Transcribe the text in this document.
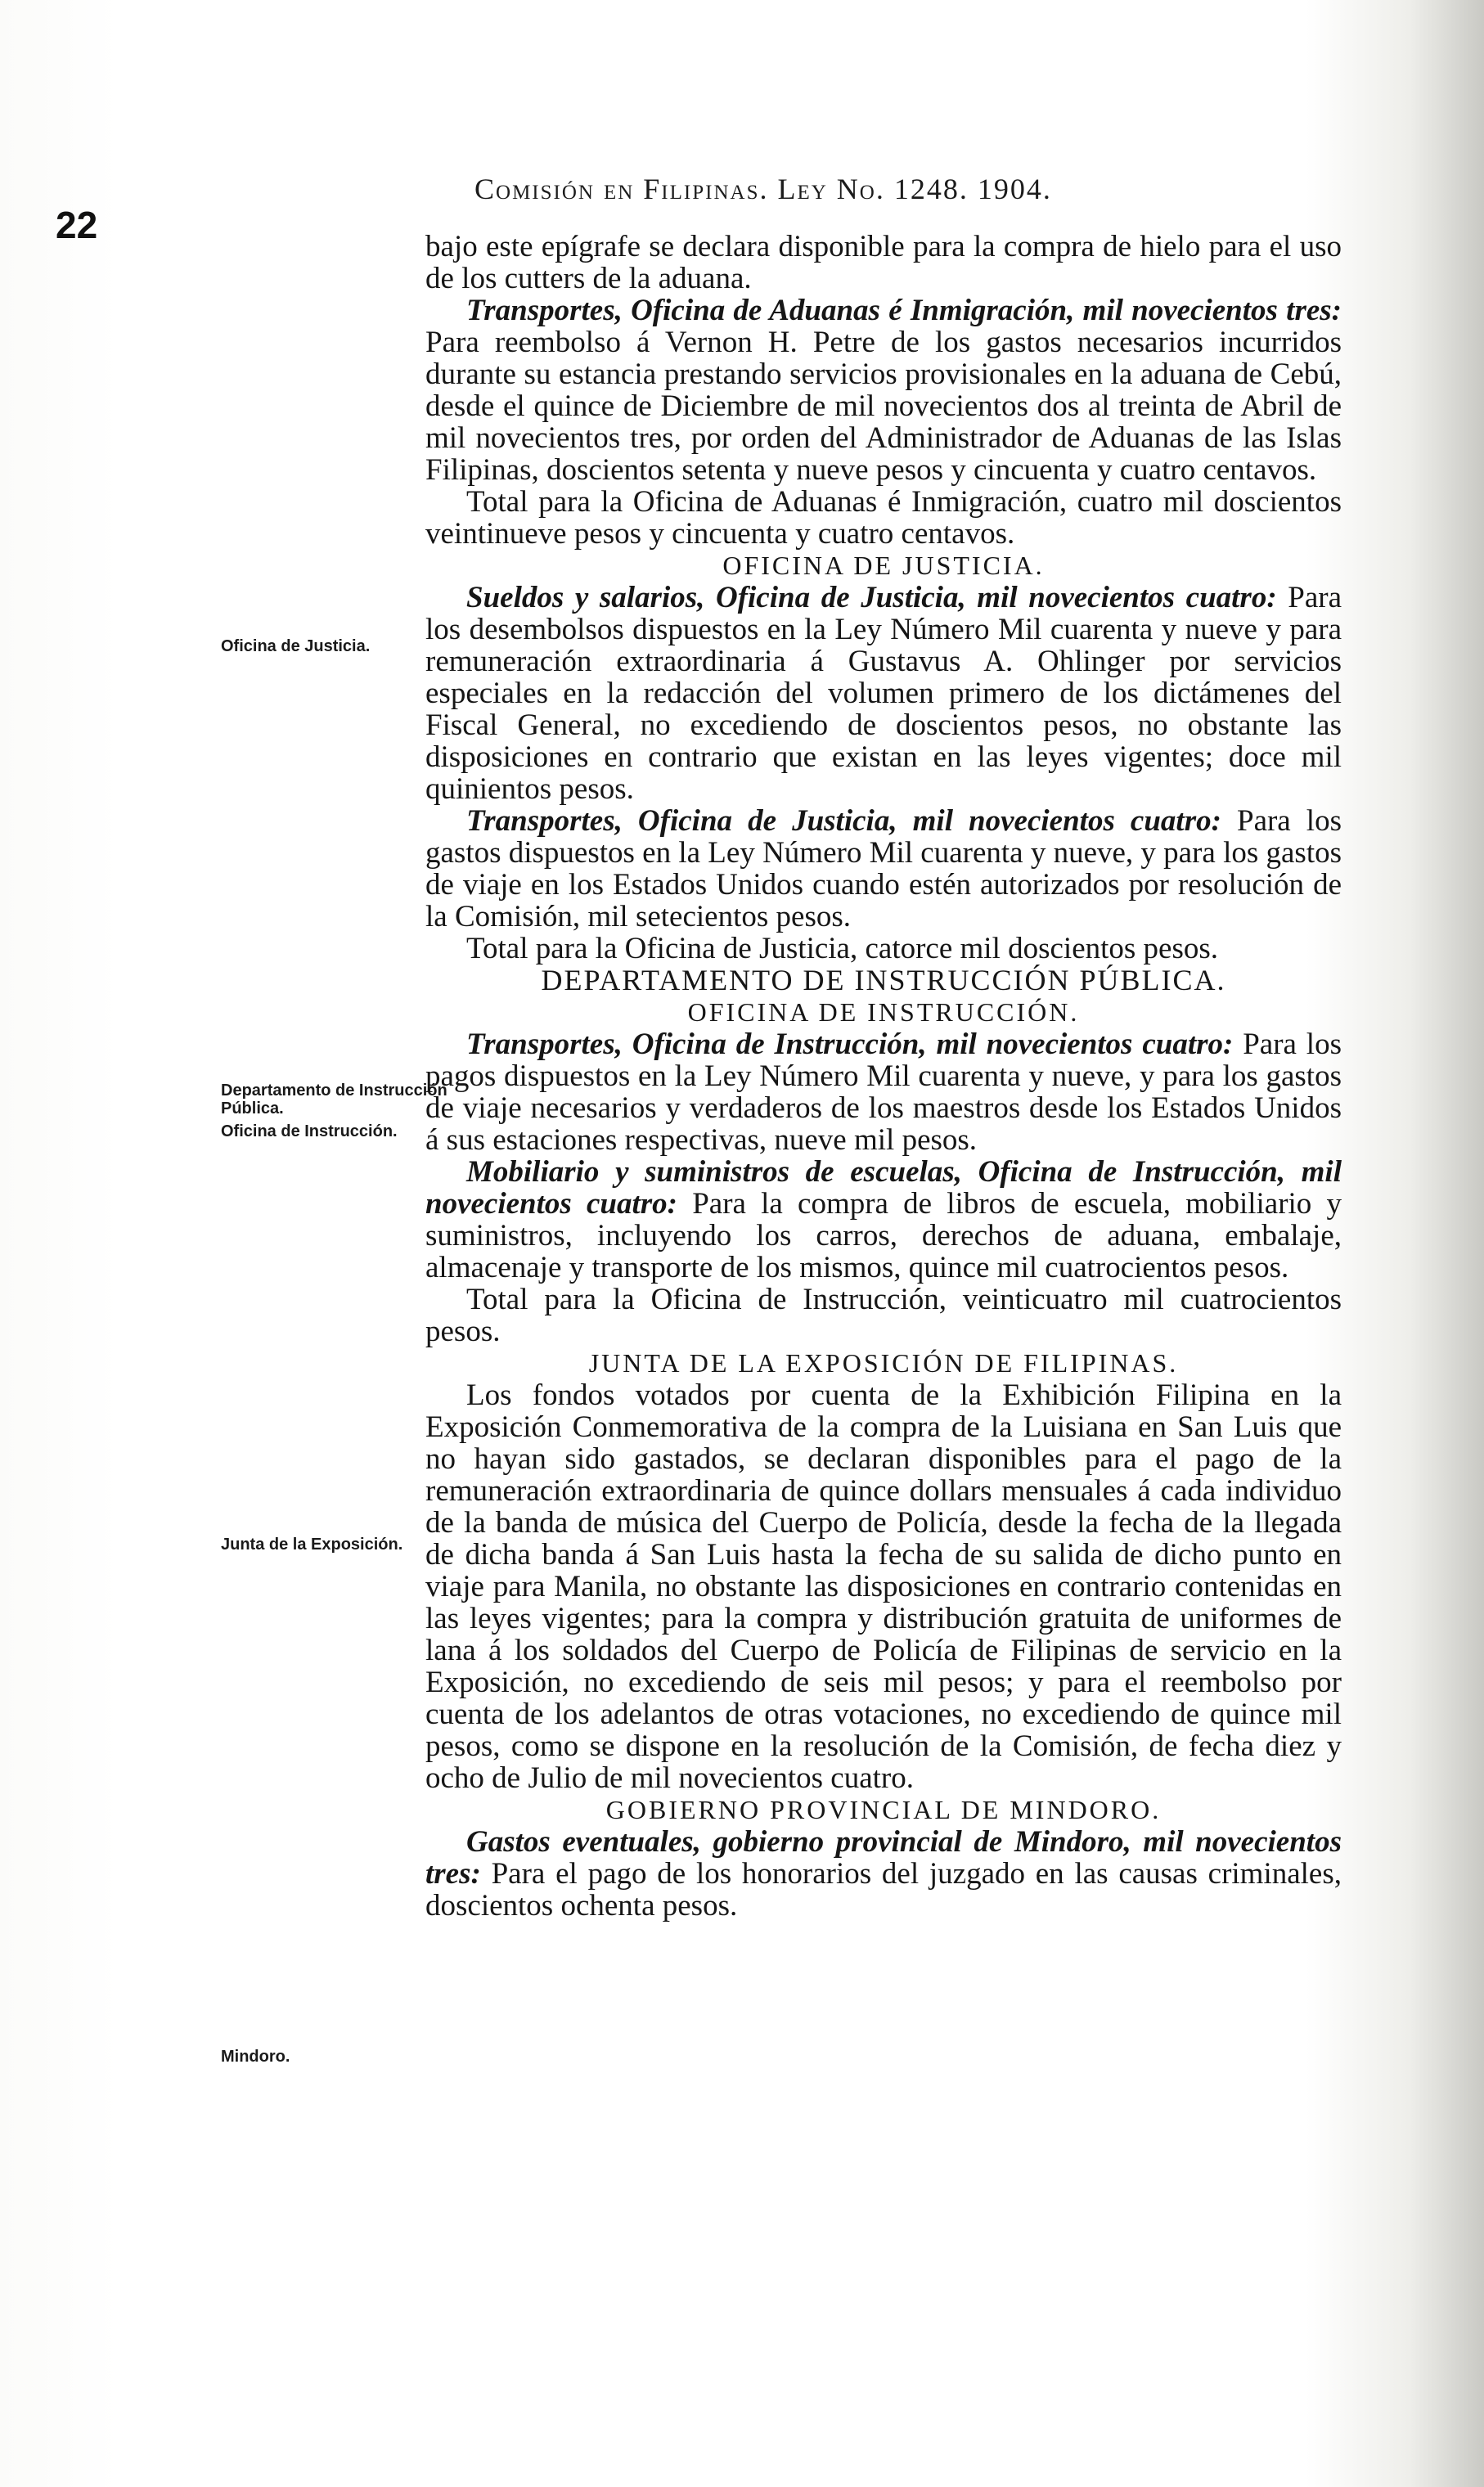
22
Comisión en Filipinas. Ley No. 1248. 1904.
Oficina de Justicia.
Departamento de Instrucción Pública.
Oficina de Instrucción.
Junta de la Exposición.
Mindoro.

bajo este epígrafe se declara disponible para la compra de hielo para el uso de los cutters de la aduana.

Transportes, Oficina de Aduanas é Inmigración, mil novecientos tres: Para reembolso á Vernon H. Petre de los gastos necesarios incurridos durante su estancia prestando servicios provisionales en la aduana de Cebú, desde el quince de Diciembre de mil novecientos dos al treinta de Abril de mil novecientos tres, por orden del Administrador de Aduanas de las Islas Filipinas, doscientos setenta y nueve pesos y cincuenta y cuatro centavos.

Total para la Oficina de Aduanas é Inmigración, cuatro mil doscientos veintinueve pesos y cincuenta y cuatro centavos.

OFICINA DE JUSTICIA.

Sueldos y salarios, Oficina de Justicia, mil novecientos cuatro: Para los desembolsos dispuestos en la Ley Número Mil cuarenta y nueve y para remuneración extraordinaria á Gustavus A. Ohlinger por servicios especiales en la redacción del volumen primero de los dictámenes del Fiscal General, no excediendo de doscientos pesos, no obstante las disposiciones en contrario que existan en las leyes vigentes; doce mil quinientos pesos.

Transportes, Oficina de Justicia, mil novecientos cuatro: Para los gastos dispuestos en la Ley Número Mil cuarenta y nueve, y para los gastos de viaje en los Estados Unidos cuando estén autorizados por resolución de la Comisión, mil setecientos pesos.

Total para la Oficina de Justicia, catorce mil doscientos pesos.

DEPARTAMENTO DE INSTRUCCIÓN PÚBLICA.

OFICINA DE INSTRUCCIÓN.

Transportes, Oficina de Instrucción, mil novecientos cuatro: Para los pagos dispuestos en la Ley Número Mil cuarenta y nueve, y para los gastos de viaje necesarios y verdaderos de los maestros desde los Estados Unidos á sus estaciones respectivas, nueve mil pesos.

Mobiliario y suministros de escuelas, Oficina de Instrucción, mil novecientos cuatro: Para la compra de libros de escuela, mobiliario y suministros, incluyendo los carros, derechos de aduana, embalaje, almacenaje y transporte de los mismos, quince mil cuatrocientos pesos.

Total para la Oficina de Instrucción, veinticuatro mil cuatrocientos pesos.

JUNTA DE LA EXPOSICIÓN DE FILIPINAS.

Los fondos votados por cuenta de la Exhibición Filipina en la Exposición Conmemorativa de la compra de la Luisiana en San Luis que no hayan sido gastados, se declaran disponibles para el pago de la remuneración extraordinaria de quince dollars mensuales á cada individuo de la banda de música del Cuerpo de Policía, desde la fecha de la llegada de dicha banda á San Luis hasta la fecha de su salida de dicho punto en viaje para Manila, no obstante las disposiciones en contrario contenidas en las leyes vigentes; para la compra y distribución gratuita de uniformes de lana á los soldados del Cuerpo de Policía de Filipinas de servicio en la Exposición, no excediendo de seis mil pesos; y para el reembolso por cuenta de los adelantos de otras votaciones, no excediendo de quince mil pesos, como se dispone en la resolución de la Comisión, de fecha diez y ocho de Julio de mil novecientos cuatro.

GOBIERNO PROVINCIAL DE MINDORO.

Gastos eventuales, gobierno provincial de Mindoro, mil novecientos tres: Para el pago de los honorarios del juzgado en las causas criminales, doscientos ochenta pesos.
